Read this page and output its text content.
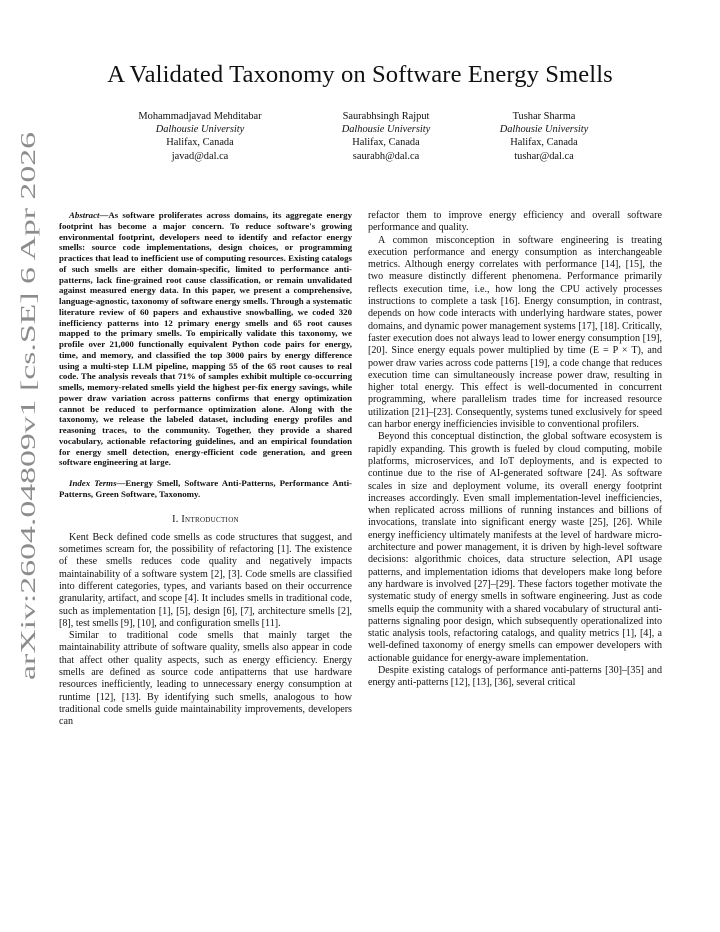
arXiv:2604.04809v1 [cs.SE] 6 Apr 2026
A Validated Taxonomy on Software Energy Smells
Mohammadjavad Mehditabar
Dalhousie University
Halifax, Canada
javad@dal.ca
Saurabhsingh Rajput
Dalhousie University
Halifax, Canada
saurabh@dal.ca
Tushar Sharma
Dalhousie University
Halifax, Canada
tushar@dal.ca

Abstract—As software proliferates across domains, its aggregate energy footprint has become a major concern. To reduce software's growing environmental footprint, developers need to identify and refactor energy smells: source code implementations, design choices, or programming practices that lead to inefficient use of computing resources. Existing catalogs of such smells are either domain-specific, limited to performance anti-patterns, lack fine-grained root cause classification, or remain unvalidated against measured energy data. In this paper, we present a comprehensive, language-agnostic, taxonomy of software energy smells. Through a systematic literature review of 60 papers and exhaustive snowballing, we coded 320 inefficiency patterns into 12 primary energy smells and 65 root causes mapped to the primary smells. To empirically validate this taxonomy, we profile over 21,000 functionally equivalent Python code pairs for energy, time, and memory, and classified the top 3000 pairs by energy difference using a multi-step LLM pipeline, mapping 55 of the 65 root causes to real code. The analysis reveals that 71% of samples exhibit multiple co-occurring smells, memory-related smells yield the highest per-fix energy savings, while power draw variation across patterns confirms that energy optimization cannot be reduced to performance optimization alone. Along with the taxonomy, we release the labeled dataset, including energy profiles and reasoning traces, to the community. Together, they provide a shared vocabulary, actionable refactoring guidelines, and an empirical foundation for energy smell detection, energy-efficient code generation, and green software engineering at large.

Index Terms—Energy Smell, Software Anti-Patterns, Performance Anti-Patterns, Green Software, Taxonomy.

I. Introduction

Kent Beck defined code smells as code structures that suggest, and sometimes scream for, the possibility of refactoring [1]. The existence of these smells reduces code quality and negatively impacts maintainability of a software system [2], [3]. Code smells are classified into different categories, types, and variants based on their occurrence granularity, artifact, and scope [4]. It includes smells in traditional code, such as implementation [1], [5], design [6], [7], architecture smells [2], [8], test smells [9], [10], and configuration smells [11].

Similar to traditional code smells that mainly target the maintainability attribute of software quality, smells also appear in code that affect other quality aspects, such as energy efficiency. Energy smells are defined as source code antipatterns that use hardware resources inefficiently, leading to unnecessary energy consumption at runtime [12], [13]. By identifying such smells, analogous to how traditional code smells guide maintainability improvements, developers can

refactor them to improve energy efficiency and overall software performance and quality.

A common misconception in software engineering is treating execution performance and energy consumption as interchangeable metrics. Although energy correlates with performance [14], [15], the two measure distinctly different phenomena. Performance primarily reflects execution time, i.e., how long the CPU actively processes instructions to complete a task [16]. Energy consumption, in contrast, depends on how code interacts with underlying hardware states, power domains, and dynamic power management systems [17], [18]. Critically, faster execution does not always lead to lower energy consumption [19], [20]. Since energy equals power multiplied by time (E = P × T), and power draw varies across code patterns [19], a code change that reduces execution time can simultaneously increase power draw, resulting in higher total energy. This effect is well-documented in concurrent programming, where parallelism trades time for increased resource utilization [21]–[23]. Consequently, systems tuned exclusively for speed can harbor energy inefficiencies invisible to conventional profilers.

Beyond this conceptual distinction, the global software ecosystem is rapidly expanding. This growth is fueled by cloud computing, mobile platforms, microservices, and IoT deployments, and is expected to continue due to the rise of AI-generated software [24]. As software scales in size and deployment volume, its overall energy footprint increases accordingly. Even small implementation-level inefficiencies, when replicated across millions of running instances and billions of invocations, translate into significant energy waste [25], [26]. While energy inefficiency ultimately manifests at the level of hardware micro-architecture and power management, it is driven by high-level software decisions: algorithmic choices, data structure selection, API usage patterns, and implementation idioms that developers make long before any hardware is involved [27]–[29]. These factors together motivate the systematic study of energy smells in software engineering. Just as code smells equip the community with a shared vocabulary of structural anti-patterns signaling poor design, which subsequently operationalized into static analysis tools, refactoring catalogs, and quality metrics [1], [4], a well-defined taxonomy of energy smells can empower developers with actionable guidance for energy-aware implementation.

Despite existing catalogs of performance anti-patterns [30]–[35] and energy anti-patterns [12], [13], [36], several critical
